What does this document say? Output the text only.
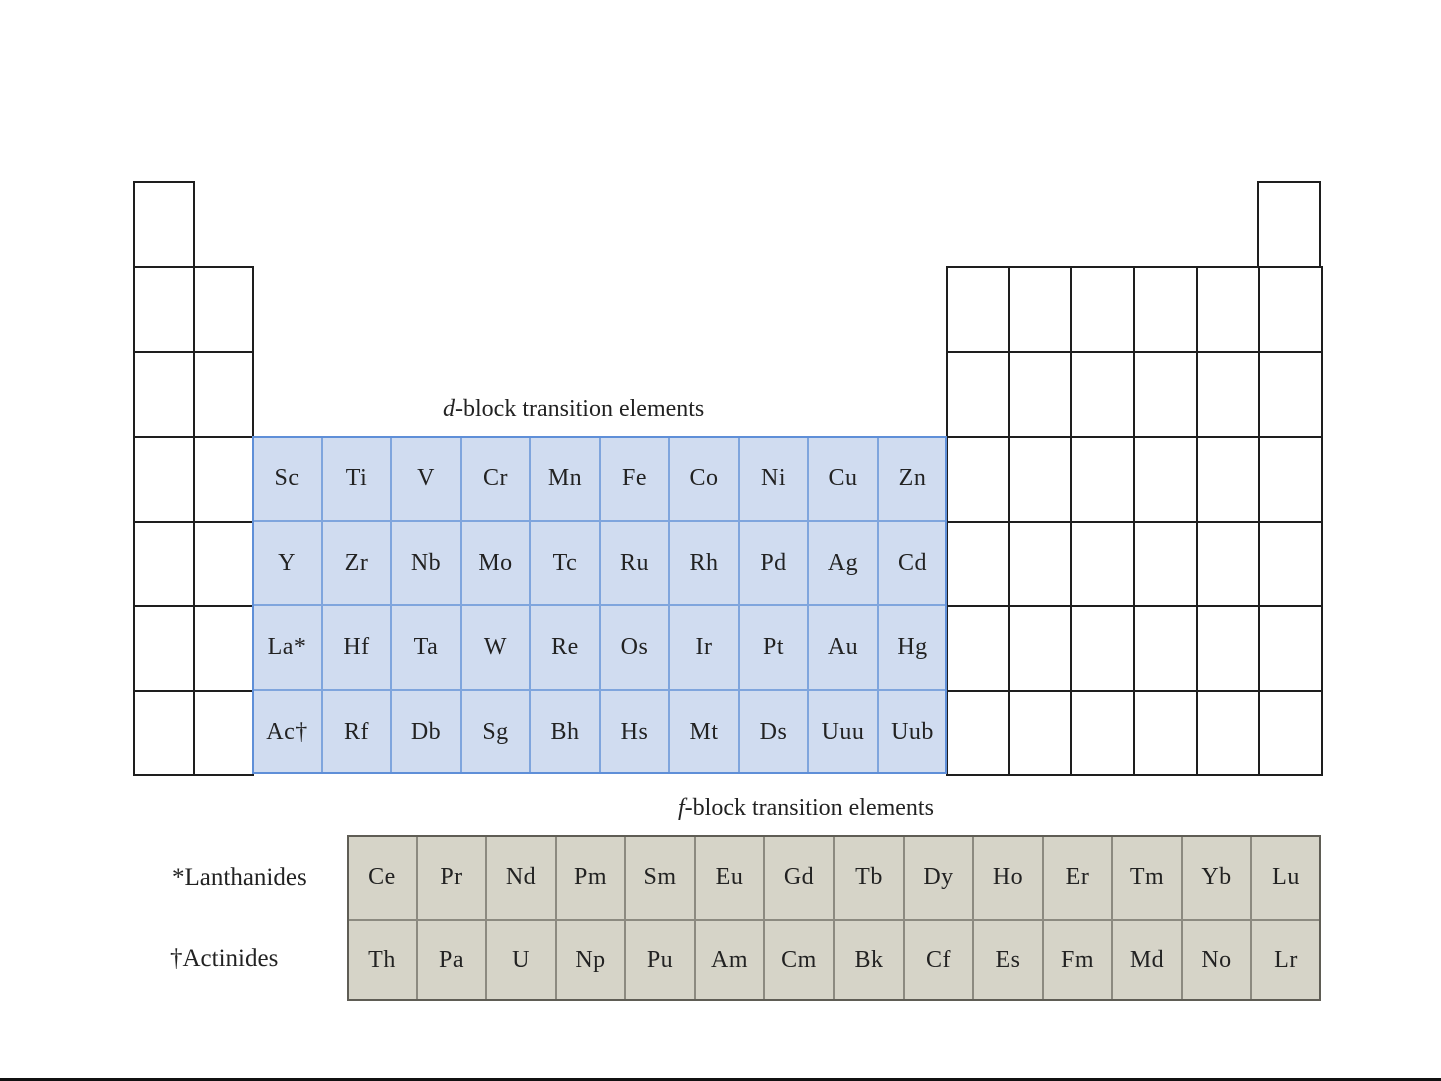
d-block transition elements
Sc Ti V Cr Mn Fe Co Ni Cu Zn
Y Zr Nb Mo Tc Ru Rh Pd Ag Cd
La* Hf Ta W Re Os Ir Pt Au Hg
Ac† Rf Db Sg Bh Hs Mt Ds Uuu Uub
f-block transition elements
*Lanthanides
†Actinides
Ce Pr Nd Pm Sm Eu Gd Tb Dy Ho Er Tm Yb Lu
Th Pa U Np Pu Am Cm Bk Cf Es Fm Md No Lr
